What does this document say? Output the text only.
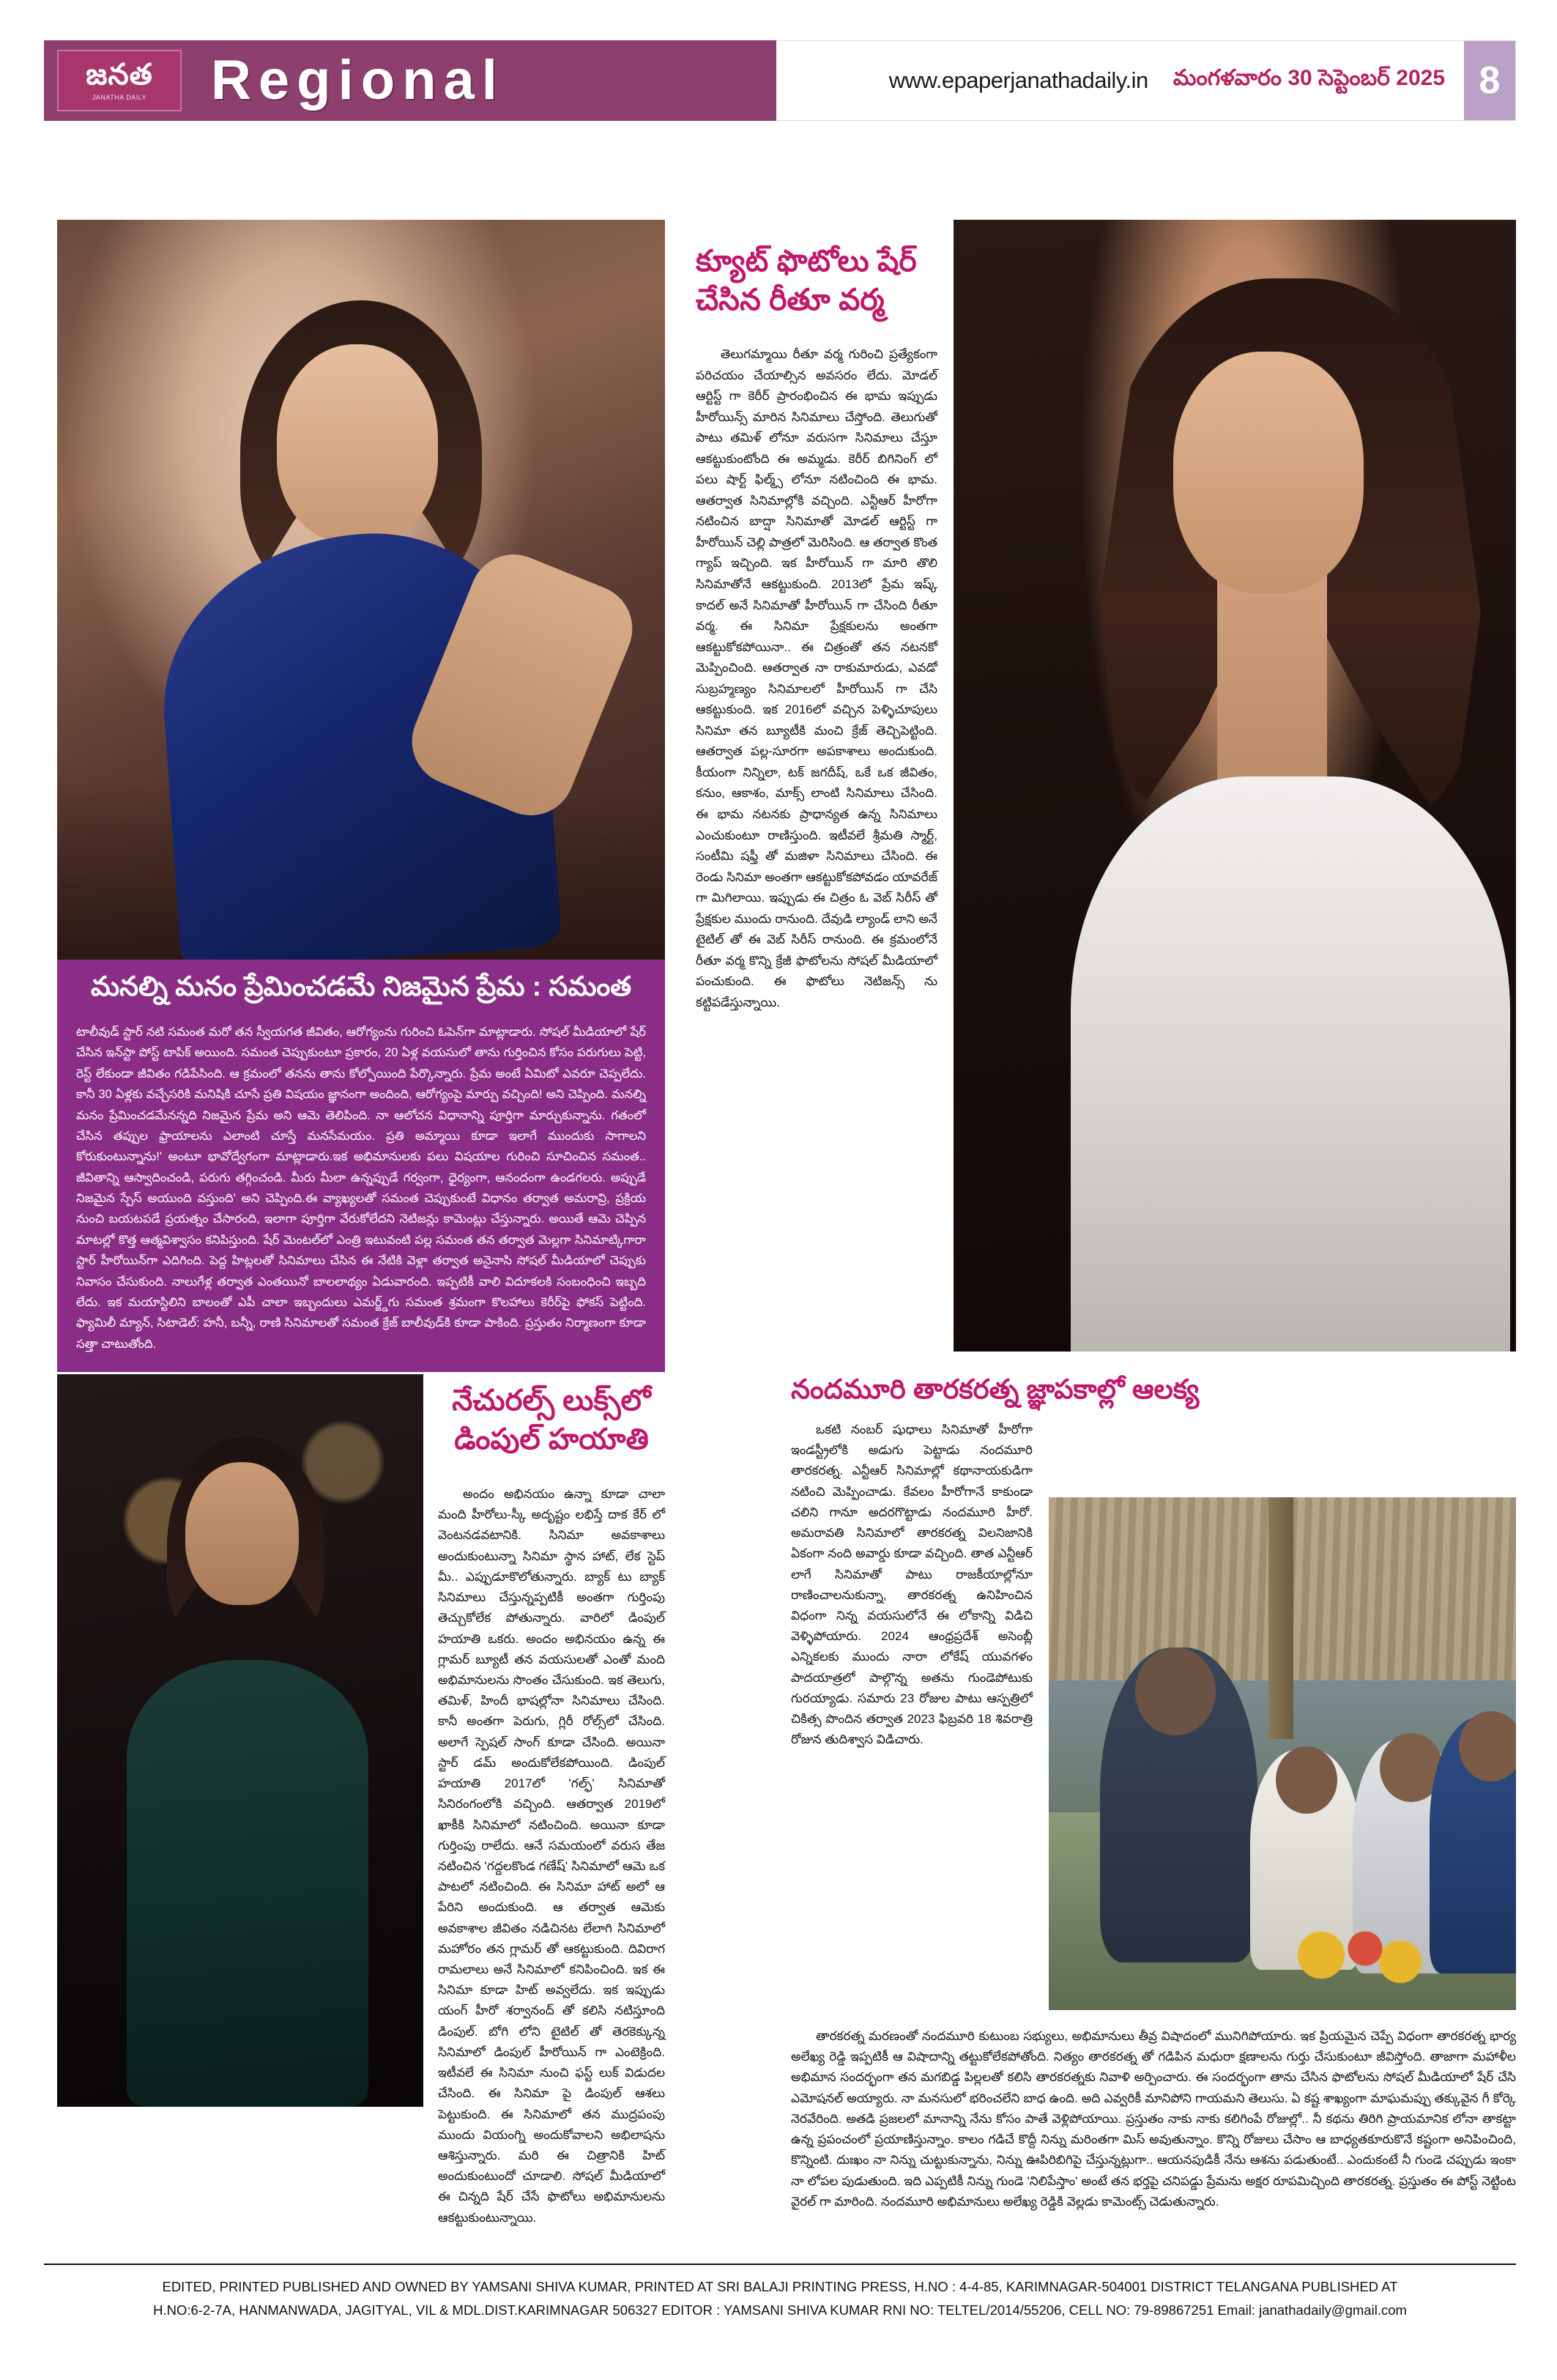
జనత
JANATHA DAILY Regional	www.epaperjanathadaily.in మంగళవారం 30 సెప్టెంబర్ 2025 8
మనల్ని మనం ప్రేమించడమే నిజమైన ప్రేమ : సమంత
టాలీవుడ్ స్టార్ నటి సమంత మరో తన స్వీయగత జీవితం, ఆరోగ్యంను గురించి ఓపెన్‌గా మాట్లాడారు. సోషల్ మీడియాలో షేర్ చేసిన ఇన్‌స్టా పోస్ట్ టాపిక్ అయింది. సమంత చెప్పుకుంటూ ప్రకారం, 20 ఏళ్ల వయసులో తాను గుర్తించిన కోసం పరుగులు పెట్టి, రెస్ట్ లేకుండా జీవితం గడిపేసింది. ఆ క్రమంలో తనను తాను కోల్పోయింది పేర్కొన్నారు. ప్రేమ అంటే ఏమిటో ఎవరూ చెప్పలేదు. కానీ 30 ఏళ్లకు వచ్చేసరికి మనిషికి చూసే ప్రతి విషయం జ్ఞానంగా అందింది, ఆరోగ్యంపై మార్పు వచ్చింది! అని చెప్పింది. మనల్ని మనం ప్రేమించడమేనన్నది నిజమైన ప్రేమ అని ఆమె తెలిపింది. నా ఆలోచన విధానాన్ని పూర్తిగా మార్చుకున్నాను. గతంలో చేసిన తప్పుల ఫ్రాయాలను ఎలాంటి చూస్తే మనసేమయం. ప్రతి అమ్మాయి కూడా ఇలాగే ముందుకు సాగాలని కోరుకుంటున్నాను!' అంటూ భావోద్వేగంగా మాట్లాడారు.ఇక అభిమానులకు పలు విషయాల గురించి సూచించిన సమంత.. జీవితాన్ని ఆస్వాదించండి, పరుగు తగ్గించండి. మీరు మీలా ఉన్నప్పుడే గర్వంగా, ధైర్యంగా, ఆనందంగా ఉండగలరు. అప్పుడే నిజమైన స్పేస్ అయుంది వస్తుంది' అని చెప్పింది.ఈ వ్యాఖ్యలతో సమంత చెప్పుకుంటే విధానం తర్వాత అమరావ్రి, ప్రక్రియ నుంచి బయటపడే ప్రయత్నం చేసారంది, ఇలాగా పూర్తిగా వేరుకోలేదని నెటిజన్లు కామెంట్లు చేస్తున్నారు. అయితే ఆమె చెప్పిన మాటల్లో కొత్త ఆత్మవిశ్వాసం కనిపిస్తుంది. షేర్ మెంటల్‌లో ఎంత్రి ఇటువంటి పల్ల సమంత తన తర్వాత మెల్లగా సినిమాట్కిగారా స్టార్ హీరోయిన్‌గా ఎదిగింది. పెద్ద హిట్లలతో సినిమాలు చేసిన ఈ నేటికి వెళ్లా తర్వాత అనైనాసి సోషల్ మీడియాలో చెప్పుకు నివాసం చేసుకుంది. నాలుగేళ్ల తర్వాత ఎంతయినో బాలలాథ్యం ఏడువారంది. ఇప్పటికీ వాలి విదూకలకి సంబంధించి ఇబ్బది లేదు. ఇక మయాస్టిలిని బాలంతో ఎపీ చాలా ఇబ్బందులు ఎమర్జ్డ్‌గు సమంత శ్రమంగా కొలహాలు కెరీర్‌పై ఫోకస్ పెట్టింది. ఫ్యామిలీ మ్యాన్, సిటాడెల్: హనీ, బన్నీ, రాణి సినిమాలతో సమంత క్రేజ్ బాలీవుడ్‌కి కూడా పాకింది. ప్రస్తుతం నిర్మాణంగా కూడా సత్తా చాటుతోంది.
క్యూట్ ఫొటోలు షేర్ చేసిన రీతూ వర్మ
తెలుగమ్మాయి రీతూ వర్మ గురించి ప్రత్యేకంగా పరిచయం చేయాల్సిన అవసరం లేదు. మోడల్ ఆర్టిస్ట్ గా కెరీర్ ప్రారంభించిన ఈ భామ ఇప్పుడు హీరోయిన్స్ మారిన సినిమాలు చేస్తోంది. తెలుగుతో పాటు తమిళ్ లోనూ వరుసగా సినిమాలు చేస్తూ ఆకట్టుకుంటోంది ఈ అమ్మడు. కెరీర్ బిగినింగ్ లో పలు షార్ట్ ఫిల్మ్స్ లోనూ నటించింది ఈ భామ. ఆతర్వాత సినిమాల్లోకి వచ్చింది. ఎన్టీఆర్ హీరోగా నటించిన బాద్షా సినిమాతో మోడల్ ఆర్టిస్ట్ గా హీరోయిన్ చెల్లి పాత్రలో మెరిసింది. ఆ తర్వాత కొంత గ్యాప్ ఇచ్చింది. ఇక హీరోయిన్ గా మారి తొలి సినిమాతోనే ఆకట్టుకుంది. 2013లో ప్రేమ ఇష్క్ కాదల్ అనే సినిమాతో హీరోయిన్ గా చేసింది రీతూ వర్మ. ఈ సినిమా ప్రేక్షకులను అంతగా ఆకట్టుకోకపోయినా.. ఈ చిత్రంతో తన నటనకో మెప్పించింది. ఆతర్వాత నా రాకుమారుడు, ఎవడో సుబ్రహ్మణ్యం సినిమాలలో హీరోయిన్ గా చేసి ఆకట్టుకుంది. ఇక 2016లో వచ్చిన పెళ్ళిచూపులు సినిమా తన బ్యూటీకి మంచి క్రేజ్ తెచ్చిపెట్టింది. ఆతర్వాత పల్ల-సూరగా అపకాశాలు అందుకుంది. కీయంగా నిన్నిలా, టక్ జగదీష్, ఒకే ఒక జీవితం, కనుం, ఆకాశం, మాక్స్ లాంటి సినిమాలు చేసింది. ఈ భామ నటనకు ప్రాధాన్యత ఉన్న సినిమాలు ఎంచుకుంటూ రాణిస్తుంది. ఇటీవలే శ్రీమతి స్మార్ట్, సంటీమి షఫ్తీ తో మజిళా సినిమాలు చేసింది. ఈ రెండు సినిమా అంతగా ఆకట్టుకోకపోవడం యావరేజ్ గా మిగిలాయి. ఇప్పుడు ఈ చిత్రం ఓ వెబ్ సిరీస్ తో ప్రేక్షకుల ముందు రానుంది. దేవుడి ల్యాండ్ లాని అనే టైటిల్ తో ఈ వెబ్ సిరీస్ రానుంది. ఈ క్రమంలోనే రీతూ వర్మ కొన్ని క్రేజీ ఫొటోలను సోషల్ మీడియాలో పంచుకుంది. ఈ ఫొటోలు నెటిజన్స్ ను కట్టిపడేస్తున్నాయి.
నేచురల్స్ లుక్స్‌లో డింపుల్ హయాతి
అందం అభినయం ఉన్నా కూడా చాలా మంది హీరోలు-స్కీ అదృష్టం లభిస్తే దాక కేర్ లో వెంటనడవటానికి. సినిమా అవకాశాలు అందుకుంటున్నా సినిమా స్థాన హాట్, లేక స్టెప్ మీ.. ఎప్పుడూకొలోతున్నారు. బ్యాక్ టు బ్యాక్ సినిమాలు చేస్తున్నప్పటికీ అంతగా గుర్తింపు తెచ్చుకోలేక పోతున్నారు. వారిలో డింపుల్ హయాతి ఒకరు. అందం అభినయం ఉన్న ఈ గ్లామర్ బ్యూటీ తన వయసులతో ఎంతో మంది అభిమానులను సొంతం చేసుకుంది. ఇక తెలుగు, తమిళ్, హిందీ భాషల్లోనా సినిమాలు చేసింది. కానీ అంతగా పెరుగు, గ్లిరీ రోల్స్‌లో చేసింది. అలాగే స్పెషల్ సాంగ్ కూడా చేసింది. అయినా స్టార్ డమ్ అందుకోలేకపోయింది. డింపుల్ హయాతి 2017లో 'గల్ఫ్' సినిమాతో సినిరంగంలోకి వచ్చింది. ఆతర్వాత 2019లో ఖాకీకి సినిమాలో నటించింది. అయినా కూడా గుర్తింపు రాలేదు. ఆనే సమయంలో వరుస తేజ నటించిన 'గద్దలకొండ గణేష్' సినిమాలో ఆమె ఒక పాటలో నటించింది. ఈ సినిమా హాట్ అలో ఆ పేరిని అందుకుంది. ఆ తర్వాత ఆమెకు అవకాశాల జీవితం నడిచినట లేలాగి సినిమాలో మహోరం తన గ్లామర్ తో ఆకట్టుకుంది. దివిరాగ రామలాలు అనే సినిమాలో కనిపించింది. ఇక ఈ సినిమా కూడా హిట్ అవ్వలేదు. ఇక ఇప్పుడు యంగ్ హీరో శర్వానంద్ తో కలిసి నటిస్తూంది డింపుల్. బోగి లోని టైటిల్ తో తెరకెక్కున్న సినిమాలో డింపుల్ హీరోయిన్ గా ఎంటెక్రింది. ఇటీవలే ఈ సినిమా నుంచి ఫస్ట్ లుక్ విడుదల చేసింది. ఈ సినిమా పై డింపుల్ ఆశలు పెట్టుకుంది. ఈ సినిమాలో తన ముద్రపంపు ముందు వియంగ్ని అందుకోవాలని అభిలాషను ఆశిస్తున్నారు. మరి ఈ చిత్రానికి హిట్ అందుకుంటుందో చూడాలి. సోషల్ మీడియాలో ఈ చిన్నది షేర్ చేసే ఫొటోలు అభిమానులను ఆకట్టుకుంటున్నాయి.
నందమూరి తారకరత్న జ్ఞాపకాల్లో ఆలక్య
ఒకటి నంబర్ షుధాలు సినిమాతో హీరోగా ఇండస్ట్రీలోకి అడుగు పెట్టాడు నందమూరి తారకరత్న. ఎన్టీఆర్ సినిమాల్లో కథానాయకుడిగా నటించి మెప్పించాడు. కేవలం హీరోగానే కాకుండా చలిని గానూ అదరగొట్టాడు నందమూరి హీరో. అమరావతి సినిమాలో తారకరత్న విలనిజానికి ఏకంగా నంది అవార్డు కూడా వచ్చింది. తాత ఎన్టీఆర్ లాగే సినిమాతో పాటు రాజకీయాల్లోనూ రాణించాలనుకున్నా, తారకరత్న ఉనిహించిన విధంగా నిన్న వయసులోనే ఈ లోకాన్ని విడిచి వెళ్ళిపోయారు. 2024 ఆంధ్రప్రదేశ్ అసెంబ్లీ ఎన్నికలకు ముందు నారా లోకేష్ యువగళం పాదయాత్రలో పాల్గొన్న అతను గుండెపోటుకు గురయ్యాడు. సమారు 23 రోజుల పాటు ఆస్పత్రిలో చికిత్స పొందిన తర్వాత 2023 ఫిబ్రవరి 18 శివరాత్రి రోజున తుదిశ్వాస విడిచారు.
తారకరత్న మరణంతో నందమూరి కుటుంబ సభ్యులు, అభిమానులు తీవ్ర విషాదంలో మునిగిపోయారు. ఇక ప్రియమైన చెప్పే విధంగా తారకరత్న భార్య అలేఖ్య రెడ్డి ఇప్పటికీ ఆ విషాదాన్ని తట్టుకోలేకపోతోంది. నిత్యం తారకరత్న తో గడిపిన మధురా క్షణాలను గుర్తు చేసుకుంటూ జీవిస్తోంది. తాజాగా మహాళీల అభిమాన సందర్భంగా తన మగబిడ్డ పిల్లలతో కలిసి తారకరత్నకు నివాళి అర్పించారు. ఈ సందర్భంగా తాను చేసిన ఫొటోలను సోషల్ మీడియాలో షేర్ చేసి ఎమోషనల్ అయ్యారు. నా మనసులో భరించలేని బాధ ఉంది. అది ఎవ్వరికీ మానిపోని గాయమని తెలుసు. ఏ కష్ట శాఖ్యంగా మాఘమప్పు తక్కువైన గీ కోర్కె నెరవేరింది. అతడి ప్రజలలో మానాన్ని నేను కోసం పాతే వెళ్లిపోయాయి. ప్రస్తుతం నాకు నాకు కలిగింపే రోజుల్లో.. నీ కథను తిరిగి ప్రాయమానిక లోనా తాకట్టా ఉన్న ప్రపంచంలో ప్రయాణిస్తున్నాం. కాలం గడిచే కొద్దీ నిన్ను మరింతగా మిస్ అవుతున్నాం. కొన్ని రోజులు చేసాం ఆ బాధ్యతకూరుకొనే కష్టంగా అనిపించింది, కొన్నింటి. దుఃఖం నా నిన్ను చుట్టుకున్నాను, నిన్ను ఊపిరిబిగిపై చేస్తున్నట్లుగా.. ఆయనపుడికీ నేను ఆశను పడుతుంటే.. ఎందుకంటే నీ గుండె చప్పుడు ఇంకా నా లోపల పుడుతుంది. ఇది ఎప్పటికీ నిన్ను గుండె 'నిలిపేస్తాం' అంటే తన భర్తపై చనిపడ్డు ప్రేమను అక్షర రూపమిచ్చింది తారకరత్న. ప్రస్తుతం ఈ పోస్ట్ నెట్టింట వైరల్ గా మారింది. నందమూరి అభిమానులు అలేఖ్య రెడ్డికి వెల్లడు కామెంట్స్ చెడుతున్నారు.
EDITED, PRINTED PUBLISHED AND OWNED BY YAMSANI SHIVA KUMAR, PRINTED AT SRI BALAJI PRINTING PRESS, H.NO : 4-4-85, KARIMNAGAR-504001 DISTRICT TELANGANA PUBLISHED AT
H.NO:6-2-7A, HANMANWADA, JAGITYAL, VIL & MDL.DIST.KARIMNAGAR 506327 EDITOR : YAMSANI SHIVA KUMAR RNI NO: TELTEL/2014/55206, CELL NO: 79-89867251 Email: janathadaily@gmail.com
